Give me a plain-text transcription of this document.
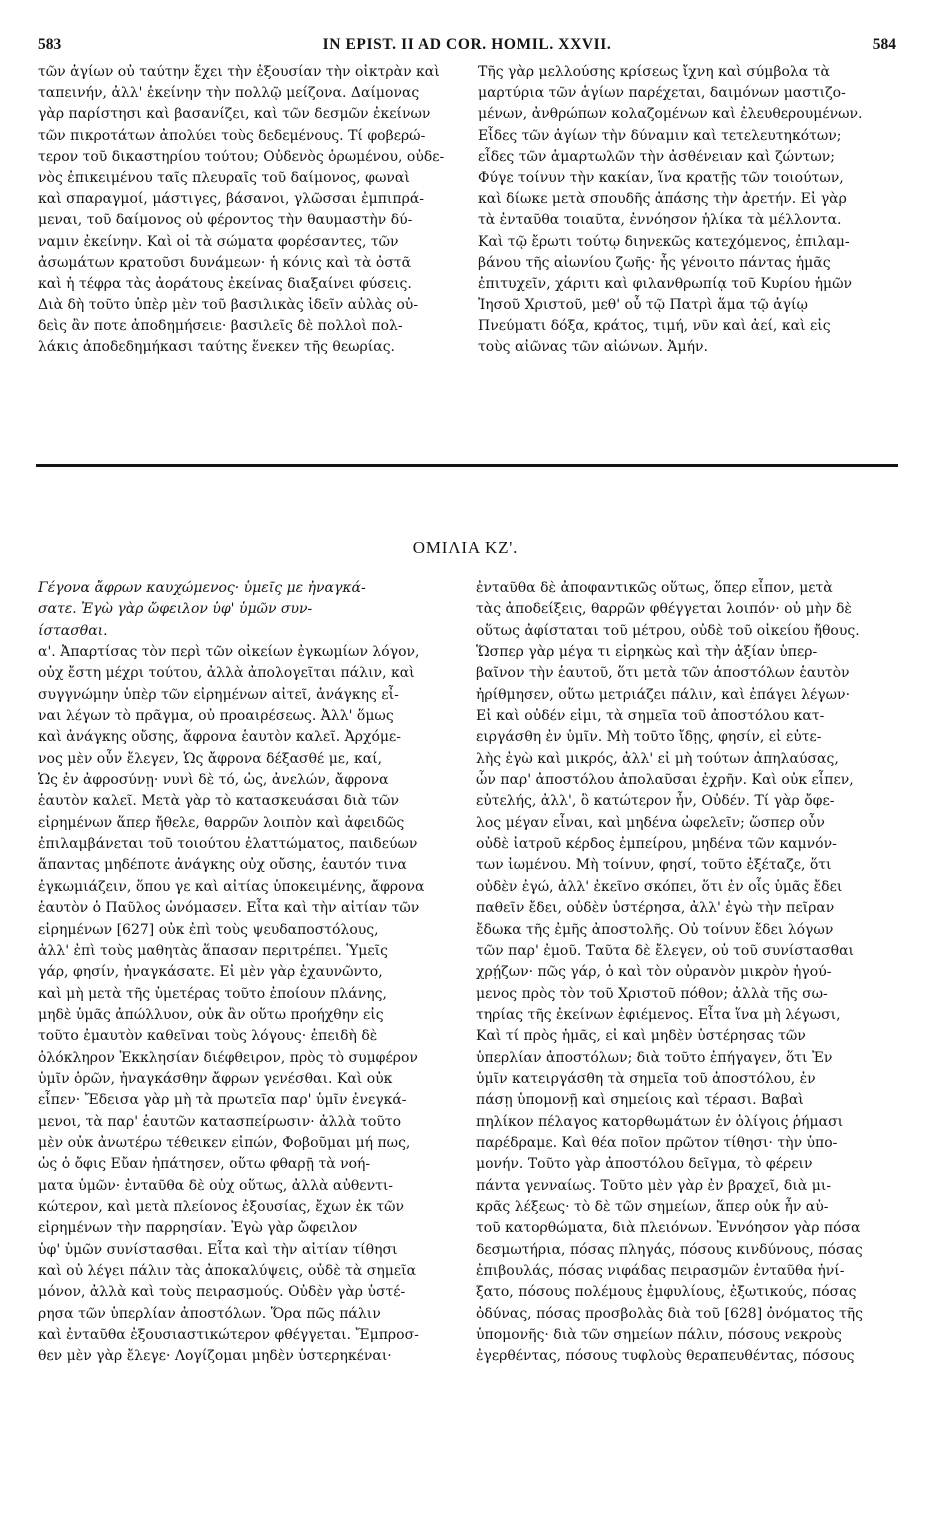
583	IN EPIST. II AD COR. HOMIL. XXVII.	584
τῶν ἁγίων οὐ ταύτην ἔχει τὴν ἐξουσίαν τὴν οἰκτρὰν καὶ
ταπεινήν, ἀλλ' ἐκείνην τὴν πολλῷ μείζονα. Δαίμονας
γὰρ παρίστησι καὶ βασανίζει, καὶ τῶν δεσμῶν ἐκείνων
τῶν πικροτάτων ἀπολύει τοὺς δεδεμένους. Τί φοβερώ-
τερον τοῦ δικαστηρίου τούτου; Οὐδενὸς ὁρωμένου, οὐδε-
νὸς ἐπικειμένου ταῖς πλευραῖς τοῦ δαίμονος, φωναὶ
καὶ σπαραγμοί, μάστιγες, βάσανοι, γλῶσσαι ἐμπιπρά-
μεναι, τοῦ δαίμονος οὐ φέροντος τὴν θαυμαστὴν δύ-
ναμιν ἐκείνην. Καὶ οἱ τὰ σώματα φορέσαντες, τῶν
ἀσωμάτων κρατοῦσι δυνάμεων· ἡ κόνις καὶ τὰ ὀστᾶ
καὶ ἡ τέφρα τὰς ἀοράτους ἐκείνας διαξαίνει φύσεις.
Διὰ δὴ τοῦτο ὑπὲρ μὲν τοῦ βασιλικὰς ἰδεῖν αὐλὰς οὐ-
δεὶς ἂν ποτε ἀποδημήσειε· βασιλεῖς δὲ πολλοὶ πολ-
λάκις ἀποδεδημήκασι ταύτης ἕνεκεν τῆς θεωρίας.
Τῆς γὰρ μελλούσης κρίσεως ἴχνη καὶ σύμβολα τὰ
μαρτύρια τῶν ἁγίων παρέχεται, δαιμόνων μαστιζο-
μένων, ἀνθρώπων κολαζομένων καὶ ἐλευθερουμένων.
Εἶδες τῶν ἁγίων τὴν δύναμιν καὶ τετελευτηκότων;
εἶδες τῶν ἁμαρτωλῶν τὴν ἀσθένειαν καὶ ζώντων;
Φύγε τοίνυν τὴν κακίαν, ἵνα κρατῇς τῶν τοιούτων,
καὶ δίωκε μετὰ σπουδῆς ἁπάσης τὴν ἀρετήν. Εἰ γὰρ
τὰ ἐνταῦθα τοιαῦτα, ἐννόησον ἡλίκα τὰ μέλλοντα.
Καὶ τῷ ἔρωτι τούτῳ διηνεκῶς κατεχόμενος, ἐπιλαμ-
βάνου τῆς αἰωνίου ζωῆς· ἧς γένοιτο πάντας ἡμᾶς
ἐπιτυχεῖν, χάριτι καὶ φιλανθρωπίᾳ τοῦ Κυρίου ἡμῶν
Ἰησοῦ Χριστοῦ, μεθ' οὗ τῷ Πατρὶ ἅμα τῷ ἁγίῳ
Πνεύματι δόξα, κράτος, τιμή, νῦν καὶ ἀεί, καὶ εἰς
τοὺς αἰῶνας τῶν αἰώνων. Ἀμήν.
ΟΜΙΛΙΑ ΚΖ'.
Γέγονα ἄφρων καυχώμενος· ὑμεῖς με ἠναγκά-
σατε. Ἐγὼ γὰρ ὤφειλον ὑφ' ὑμῶν συν-
ίστασθαι.
α'. Ἀπαρτίσας τὸν περὶ τῶν οἰκείων ἐγκωμίων λόγον,
οὐχ ἔστη μέχρι τούτου, ἀλλὰ ἀπολογεῖται πάλιν, καὶ
συγγνώμην ὑπὲρ τῶν εἰρημένων αἰτεῖ, ἀνάγκης εἶ-
ναι λέγων τὸ πρᾶγμα, οὐ προαιρέσεως. Ἀλλ' ὅμως
καὶ ἀνάγκης οὔσης, ἄφρονα ἑαυτὸν καλεῖ. Ἀρχόμε-
νος μὲν οὖν ἔλεγεν, Ὡς ἄφρονα δέξασθέ με, καί,
Ὡς ἐν ἀφροσύνῃ· νυνὶ δὲ τό, ὡς, ἀνελών, ἄφρονα
ἑαυτὸν καλεῖ. Μετὰ γὰρ τὸ κατασκευάσαι διὰ τῶν
εἰρημένων ἅπερ ἤθελε, θαρρῶν λοιπὸν καὶ ἀφειδῶς
ἐπιλαμβάνεται τοῦ τοιούτου ἐλαττώματος, παιδεύων
ἅπαντας μηδέποτε ἀνάγκης οὐχ οὔσης, ἑαυτόν τινα
ἐγκωμιάζειν, ὅπου γε καὶ αἰτίας ὑποκειμένης, ἄφρονα
ἑαυτὸν ὁ Παῦλος ὠνόμασεν. Εἶτα καὶ τὴν αἰτίαν τῶν
εἰρημένων [627] οὐκ ἐπὶ τοὺς ψευδαποστόλους,
ἀλλ' ἐπὶ τοὺς μαθητὰς ἅπασαν περιτρέπει. Ὑμεῖς
γάρ, φησίν, ἠναγκάσατε. Εἰ μὲν γὰρ ἐχαυνῶντο,
καὶ μὴ μετὰ τῆς ὑμετέρας τοῦτο ἐποίουν πλάνης,
μηδὲ ὑμᾶς ἀπώλλυον, οὐκ ἂν οὕτω προήχθην εἰς
τοῦτο ἐμαυτὸν καθεῖναι τοὺς λόγους· ἐπειδὴ δὲ
ὁλόκληρον Ἐκκλησίαν διέφθειρον, πρὸς τὸ συμφέρον
ὑμῖν ὁρῶν, ἠναγκάσθην ἄφρων γενέσθαι. Καὶ οὐκ
εἶπεν· Ἔδεισα γὰρ μὴ τὰ πρωτεῖα παρ' ὑμῖν ἐνεγκά-
μενοι, τὰ παρ' ἑαυτῶν κατασπείρωσιν· ἀλλὰ τοῦτο
μὲν οὐκ ἀνωτέρω τέθεικεν εἰπών, Φοβοῦμαι μή πως,
ὡς ὁ ὄφις Εὔαν ἠπάτησεν, οὕτω φθαρῇ τὰ νοή-
ματα ὑμῶν· ἐνταῦθα δὲ οὐχ οὕτως, ἀλλὰ αὐθεντι-
κώτερον, καὶ μετὰ πλείονος ἐξουσίας, ἔχων ἐκ τῶν
εἰρημένων τὴν παρρησίαν. Ἐγὼ γὰρ ὤφειλον
ὑφ' ὑμῶν συνίστασθαι. Εἶτα καὶ τὴν αἰτίαν τίθησι
καὶ οὐ λέγει πάλιν τὰς ἀποκαλύψεις, οὐδὲ τὰ σημεῖα
μόνον, ἀλλὰ καὶ τοὺς πειρασμούς. Οὐδὲν γὰρ ὑστέ-
ρησα τῶν ὑπερλίαν ἀποστόλων. Ὅρα πῶς πάλιν
καὶ ἐνταῦθα ἐξουσιαστικώτερον φθέγγεται. Ἔμπροσ-
θεν μὲν γὰρ ἔλεγε· Λογίζομαι μηδὲν ὑστερηκέναι·
ἐνταῦθα δὲ ἀποφαντικῶς οὕτως, ὅπερ εἶπον, μετὰ
τὰς ἀποδείξεις, θαρρῶν φθέγγεται λοιπόν· οὐ μὴν δὲ
οὕτως ἀφίσταται τοῦ μέτρου, οὐδὲ τοῦ οἰκείου ἤθους.
Ὥσπερ γὰρ μέγα τι εἰρηκὼς καὶ τὴν ἀξίαν ὑπερ-
βαῖνον τὴν ἑαυτοῦ, ὅτι μετὰ τῶν ἀποστόλων ἑαυτὸν
ἠρίθμησεν, οὕτω μετριάζει πάλιν, καὶ ἐπάγει λέγων·
Εἰ καὶ οὐδέν εἰμι, τὰ σημεῖα τοῦ ἀποστόλου κατ-
ειργάσθη ἐν ὑμῖν. Μὴ τοῦτο ἴδῃς, φησίν, εἰ εὐτε-
λὴς ἐγὼ καὶ μικρός, ἀλλ' εἰ μὴ τούτων ἀπηλαύσας,
ὧν παρ' ἀποστόλου ἀπολαῦσαι ἐχρῆν. Καὶ οὐκ εἶπεν,
εὐτελής, ἀλλ', ὃ κατώτερον ἦν, Οὐδέν. Τί γὰρ ὄφε-
λος μέγαν εἶναι, καὶ μηδένα ὠφελεῖν; ὥσπερ οὖν
οὐδὲ ἰατροῦ κέρδος ἐμπείρου, μηδένα τῶν καμνόν-
των ἰωμένου. Μὴ τοίνυν, φησί, τοῦτο ἐξέταζε, ὅτι
οὐδὲν ἐγώ, ἀλλ' ἐκεῖνο σκόπει, ὅτι ἐν οἷς ὑμᾶς ἔδει
παθεῖν ἔδει, οὐδὲν ὑστέρησα, ἀλλ' ἐγὼ τὴν πεῖραν
ἔδωκα τῆς ἐμῆς ἀποστολῆς. Οὐ τοίνυν ἔδει λόγων
τῶν παρ' ἐμοῦ. Ταῦτα δὲ ἔλεγεν, οὐ τοῦ συνίστασθαι
χρῄζων· πῶς γάρ, ὁ καὶ τὸν οὐρανὸν μικρὸν ἡγού-
μενος πρὸς τὸν τοῦ Χριστοῦ πόθον; ἀλλὰ τῆς σω-
τηρίας τῆς ἐκείνων ἐφιέμενος. Εἶτα ἵνα μὴ λέγωσι,
Καὶ τί πρὸς ἡμᾶς, εἰ καὶ μηδὲν ὑστέρησας τῶν
ὑπερλίαν ἀποστόλων; διὰ τοῦτο ἐπήγαγεν, ὅτι Ἐν
ὑμῖν κατειργάσθη τὰ σημεῖα τοῦ ἀποστόλου, ἐν
πάσῃ ὑπομονῇ καὶ σημείοις καὶ τέρασι. Βαβαὶ
πηλίκον πέλαγος κατορθωμάτων ἐν ὀλίγοις ῥήμασι
παρέδραμε. Καὶ θέα ποῖον πρῶτον τίθησι· τὴν ὑπο-
μονήν. Τοῦτο γὰρ ἀποστόλου δεῖγμα, τὸ φέρειν
πάντα γενναίως. Τοῦτο μὲν γὰρ ἐν βραχεῖ, διὰ μι-
κρᾶς λέξεως· τὸ δὲ τῶν σημείων, ἅπερ οὐκ ἦν αὐ-
τοῦ κατορθώματα, διὰ πλειόνων. Ἐννόησον γὰρ πόσα
δεσμωτήρια, πόσας πληγάς, πόσους κινδύνους, πόσας
ἐπιβουλάς, πόσας νιφάδας πειρασμῶν ἐνταῦθα ἠνί-
ξατο, πόσους πολέμους ἐμφυλίους, ἐξωτικούς, πόσας
ὀδύνας, πόσας προσβολὰς διὰ τοῦ [628] ὀνόματος τῆς
ὑπομονῆς· διὰ τῶν σημείων πάλιν, πόσους νεκροὺς
ἐγερθέντας, πόσους τυφλοὺς θεραπευθέντας, πόσους
